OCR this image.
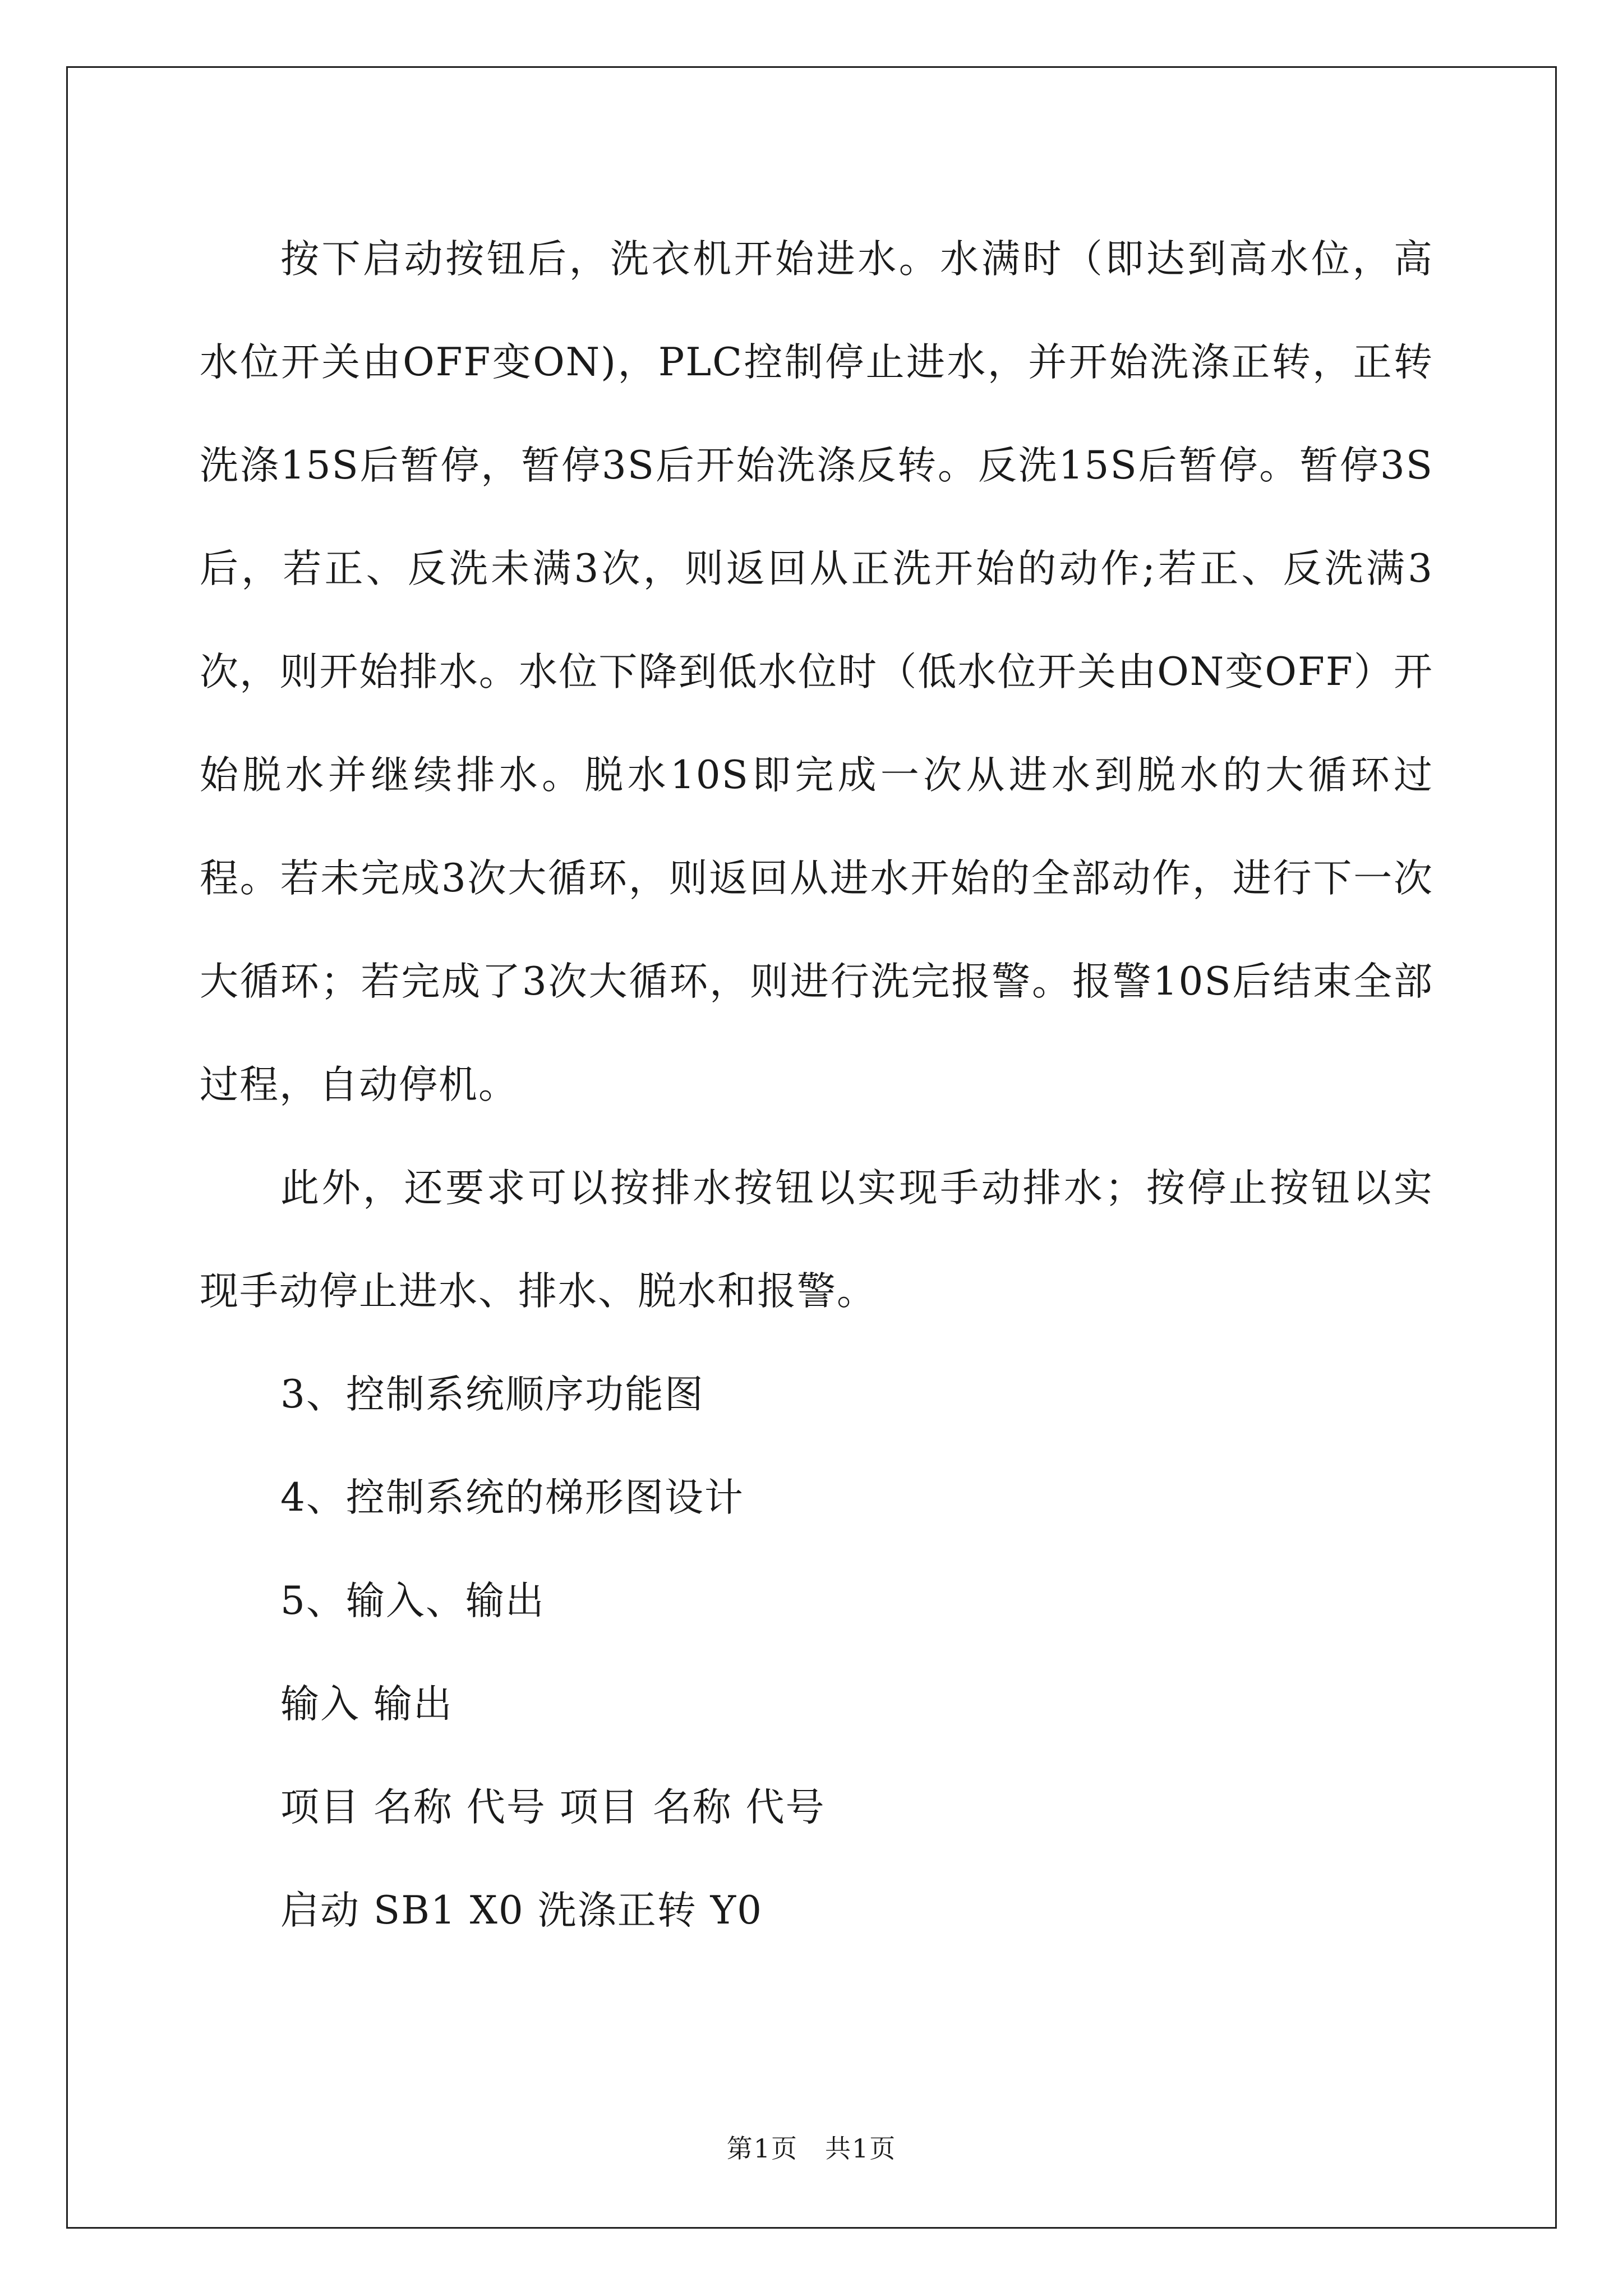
按下启动按钮后，洗衣机开始进水。水满时（即达到高水位，高水位开关由OFF变ON)，PLC控制停止进水，并开始洗涤正转，正转洗涤15S后暂停，暂停3S后开始洗涤反转。反洗15S后暂停。暂停3S后，若正、反洗未满3次，则返回从正洗开始的动作;若正、反洗满3次，则开始排水。水位下降到低水位时（低水位开关由ON变OFF）开始脱水并继续排水。脱水10S即完成一次从进水到脱水的大循环过程。若未完成3次大循环，则返回从进水开始的全部动作，进行下一次大循环；若完成了3次大循环，则进行洗完报警。报警10S后结束全部过程，自动停机。

此外，还要求可以按排水按钮以实现手动排水；按停止按钮以实现手动停止进水、排水、脱水和报警。

3、控制系统顺序功能图

4、控制系统的梯形图设计

5、输入、输出

输入 输出

项目 名称 代号 项目 名称 代号

启动 SB1 X0 洗涤正转 Y0

第1页　共1页
